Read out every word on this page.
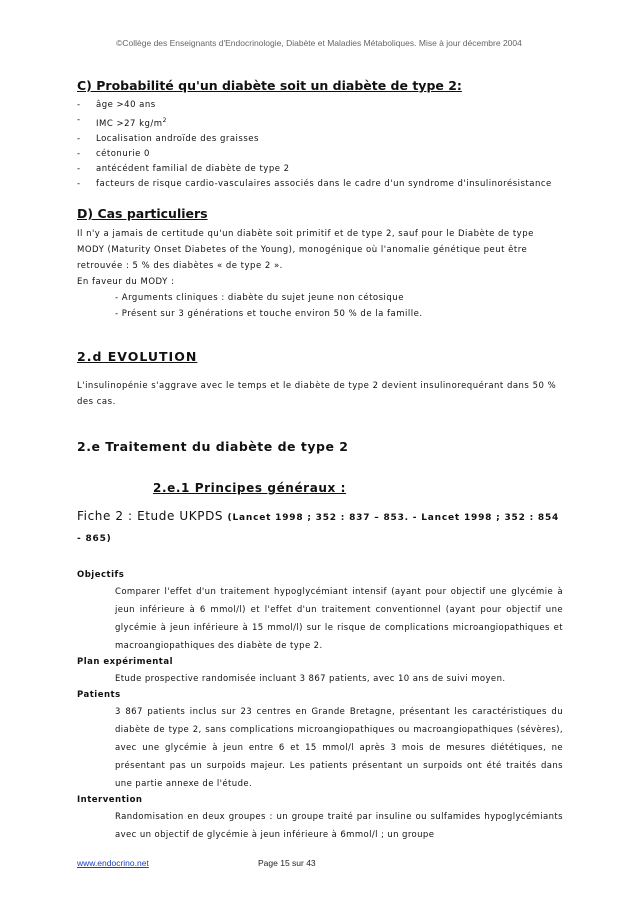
©Collège des Enseignants d'Endocrinologie, Diabète et Maladies Métaboliques. Mise à jour décembre 2004
C) Probabilité qu'un diabète soit un diabète de type 2:
- âge >40 ans
- IMC >27 $kg/m^2$
- Localisation androïde des graisses
- cétonurie 0
- antécédent familial de diabète de type 2
- facteurs de risque cardio-vasculaires associés dans le cadre d'un syndrome d'insulinorésistance
D) Cas particuliers

Il n'y a jamais de certitude qu'un diabète soit primitif et de type 2, sauf pour le Diabète de type MODY (Maturity Onset Diabetes of the Young), monogénique où l'anomalie génétique peut être retrouvée : 5 % des diabètes « de type 2 ».

En faveur du MODY :

- Arguments cliniques : diabète du sujet jeune non cétosique

- Présent sur 3 générations et touche environ 50 % de la famille.

2.d EVOLUTION

L'insulinopénie s'aggrave avec le temps et le diabète de type 2 devient insulinorequérant dans 50 % des cas.

2.e Traitement du diabète de type 2
2.e.1 Principes généraux :
Fiche 2 : Etude UKPDS (Lancet 1998 ; 352 : 837 – 853. - Lancet 1998 ; 352 : 854 - 865)

Objectifs

Comparer l'effet d'un traitement hypoglycémiant intensif (ayant pour objectif une glycémie à jeun inférieure à 6 mmol/l) et l'effet d'un traitement conventionnel (ayant pour objectif une glycémie à jeun inférieure à 15 mmol/l) sur le risque de complications microangiopathiques et macroangiopathiques des diabète de type 2.

Plan expérimental

Etude prospective randomisée incluant 3 867 patients, avec 10 ans de suivi moyen.

Patients

3 867 patients inclus sur 23 centres en Grande Bretagne, présentant les caractéristiques du diabète de type 2, sans complications microangiopathiques ou macroangiopathiques (sévères), avec une glycémie à jeun entre 6 et 15 mmol/l après 3 mois de mesures diététiques, ne présentant pas un surpoids majeur. Les patients présentant un surpoids ont été traités dans une partie annexe de l'étude.

Intervention

Randomisation en deux groupes : un groupe traité par insuline ou sulfamides hypoglycémiants avec un objectif de glycémie à jeun inférieure à 6mmol/l ; un groupe

www.endocrino.net	Page 15 sur 43
